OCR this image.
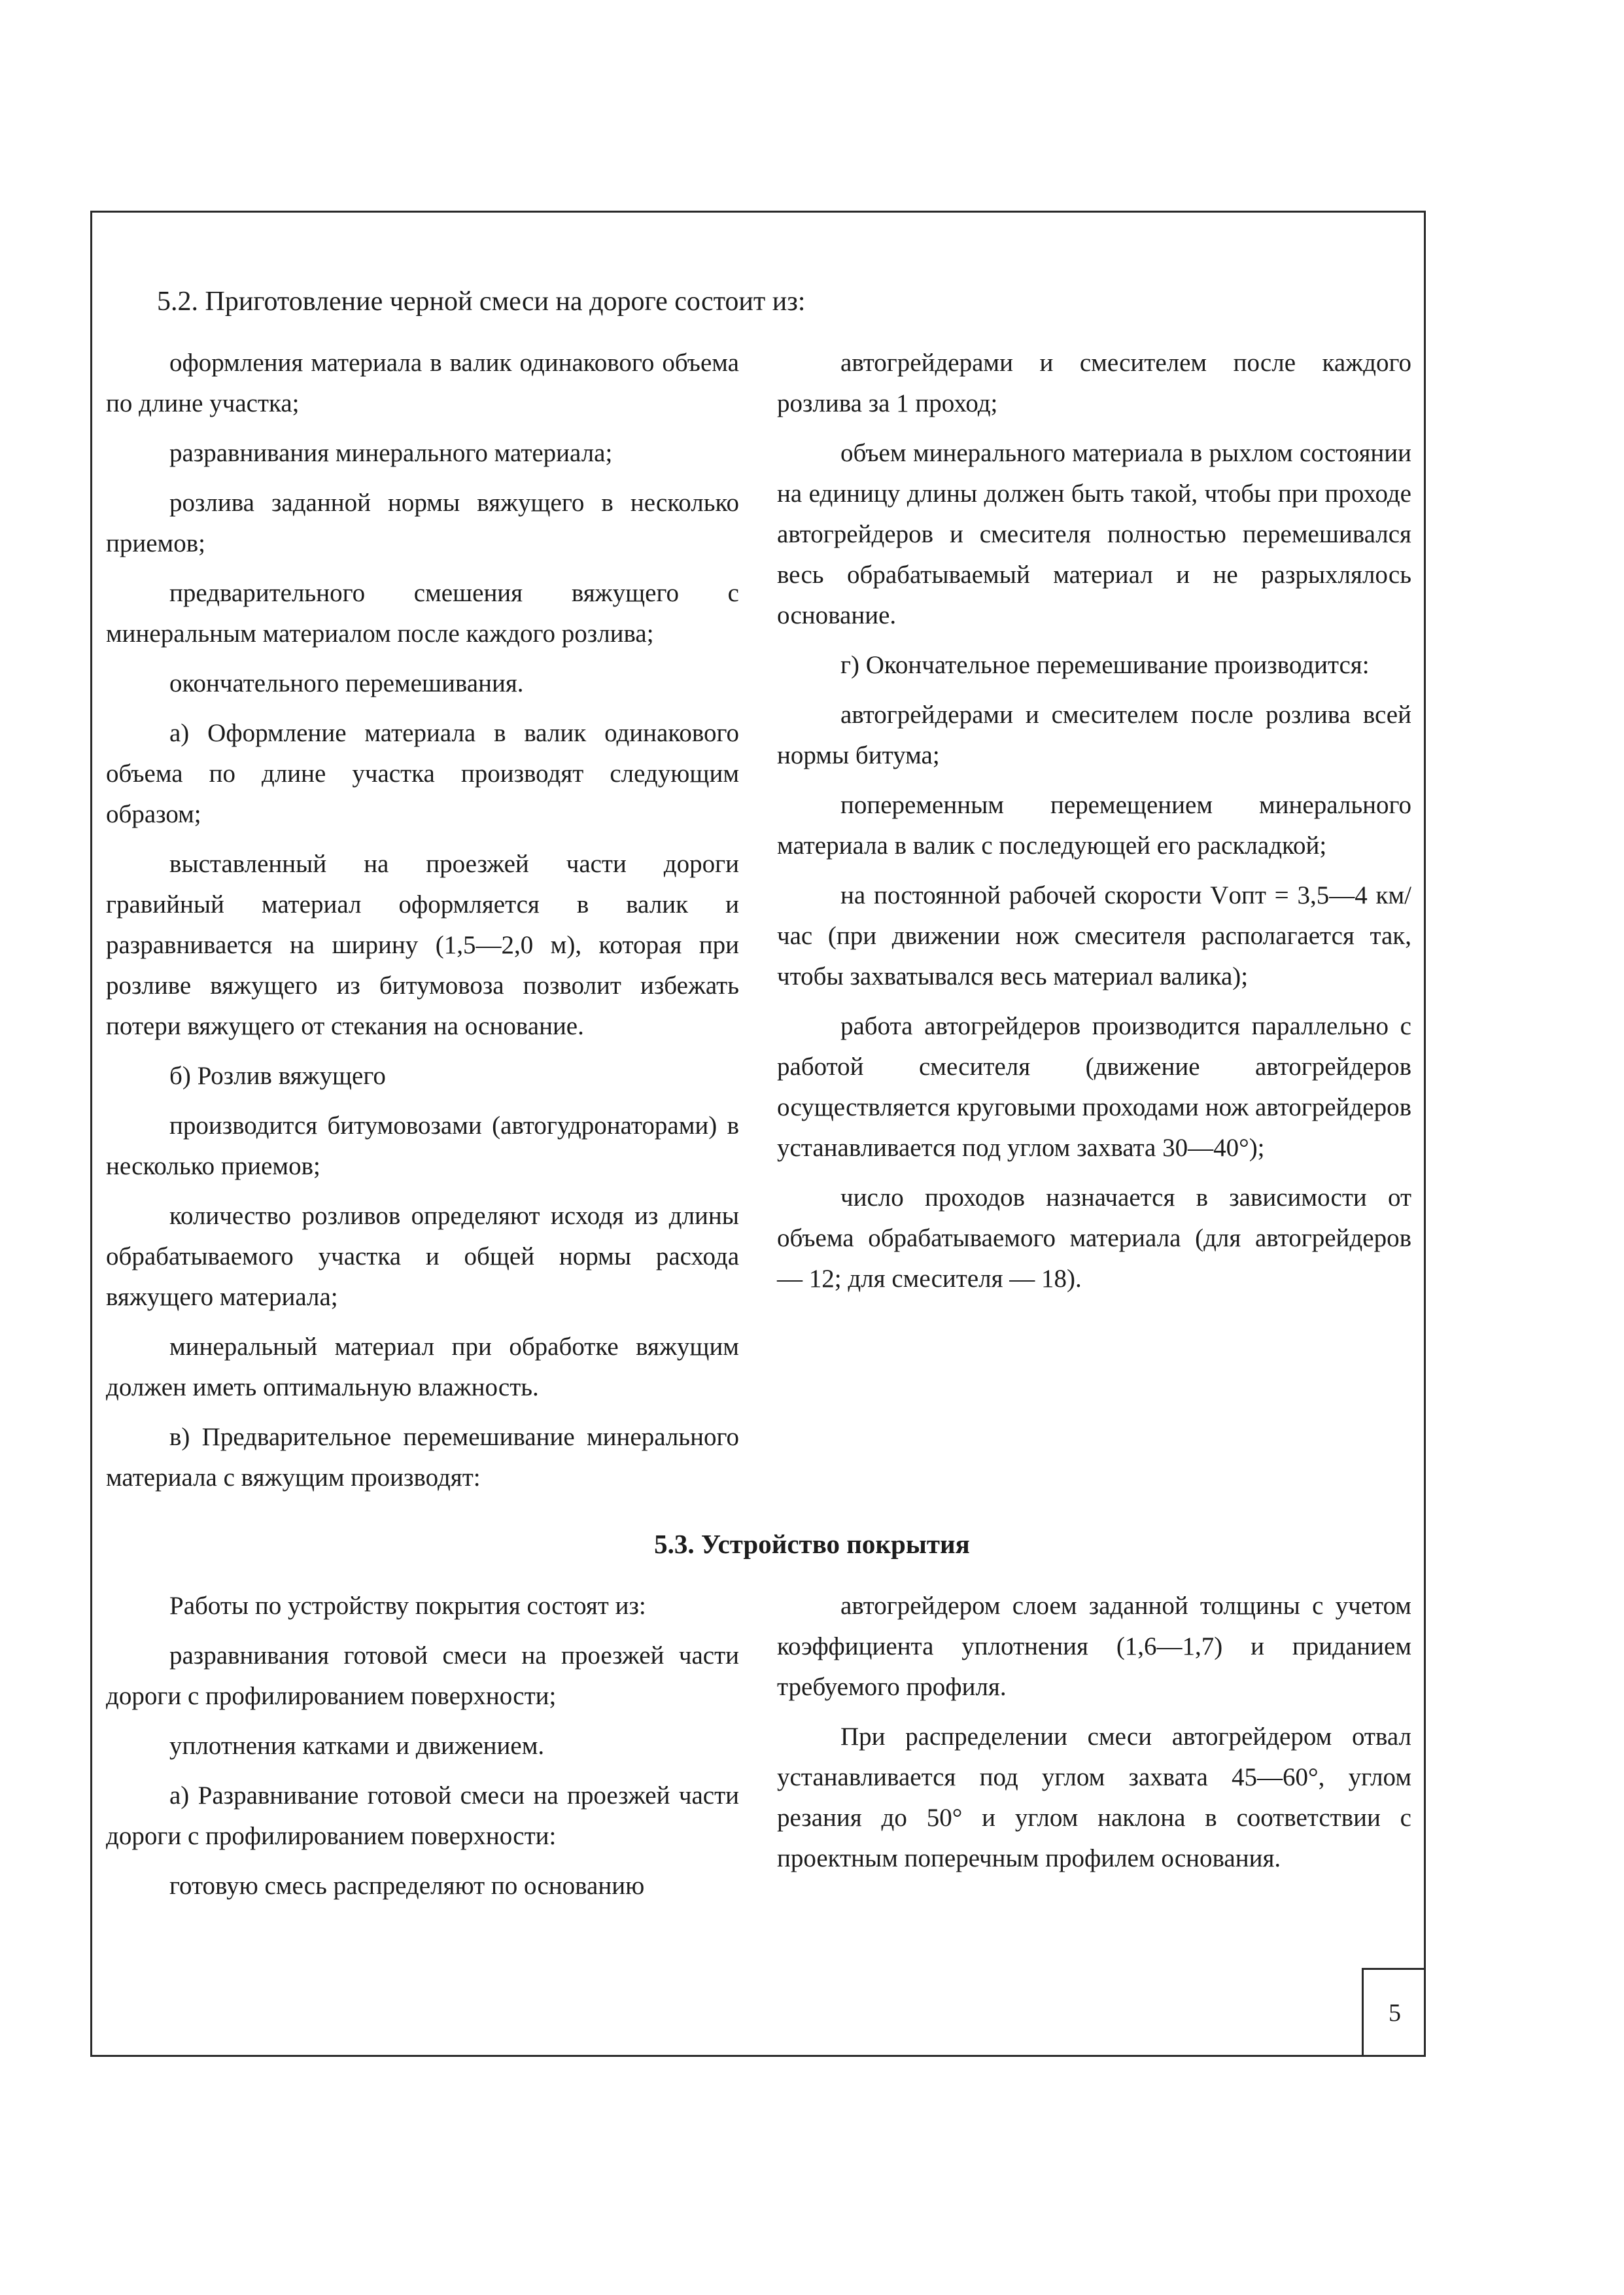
5.2. Приготовление черной смеси на дороге состоит из:

оформления материала в валик одинакового объема по длине участка;

разравнивания минерального материала;

розлива заданной нормы вяжущего в несколько приемов;

предварительного смешения вяжущего с минеральным материалом после каждого розлива;

окончательного перемешивания.

а) Оформление материала в валик одинакового объема по длине участка производят следующим образом;

выставленный на проезжей части дороги гравийный материал оформляется в валик и разравнивается на ширину (1,5—2,0 м), которая при розливе вяжущего из битумовоза позволит избежать потери вяжущего от стекания на основание.

б) Розлив вяжущего

производится битумовозами (автогудронаторами) в несколько приемов;

количество розливов определяют исходя из длины обрабатываемого участка и общей нормы расхода вяжущего материала;

минеральный материал при обработке вяжущим должен иметь оптимальную влажность.

в) Предварительное перемешивание минерального материала с вяжущим производят:

автогрейдерами и смесителем после каждого розлива за 1 проход;

объем минерального материала в рыхлом состоянии на единицу длины должен быть такой, чтобы при проходе автогрейдеров и смесителя полностью перемешивался весь обрабатываемый материал и не разрыхлялось основание.

г) Окончательное перемешивание производится:

автогрейдерами и смесителем после розлива всей нормы битума;

попеременным перемещением минерального материала в валик с последующей его раскладкой;

на постоянной рабочей скорости Vопт = 3,5—4 км/час (при движении нож смесителя располагается так, чтобы захватывался весь материал валика);

работа автогрейдеров производится параллельно с работой смесителя (движение автогрейдеров осуществляется круговыми проходами нож автогрейдеров устанавливается под углом захвата 30—40°);

число проходов назначается в зависимости от объема обрабатываемого материала (для автогрейдеров — 12; для смесителя — 18).

5.3. Устройство покрытия

Работы по устройству покрытия состоят из:

разравнивания готовой смеси на проезжей части дороги с профилированием поверхности;

уплотнения катками и движением.

а) Разравнивание готовой смеси на проезжей части дороги с профилированием поверхности:

готовую смесь распределяют по основанию

автогрейдером слоем заданной толщины с учетом коэффициента уплотнения (1,6—1,7) и приданием требуемого профиля.

При распределении смеси автогрейдером отвал устанавливается под углом захвата 45—60°, углом резания до 50° и углом наклона в соответствии с проектным поперечным профилем основания.

5
